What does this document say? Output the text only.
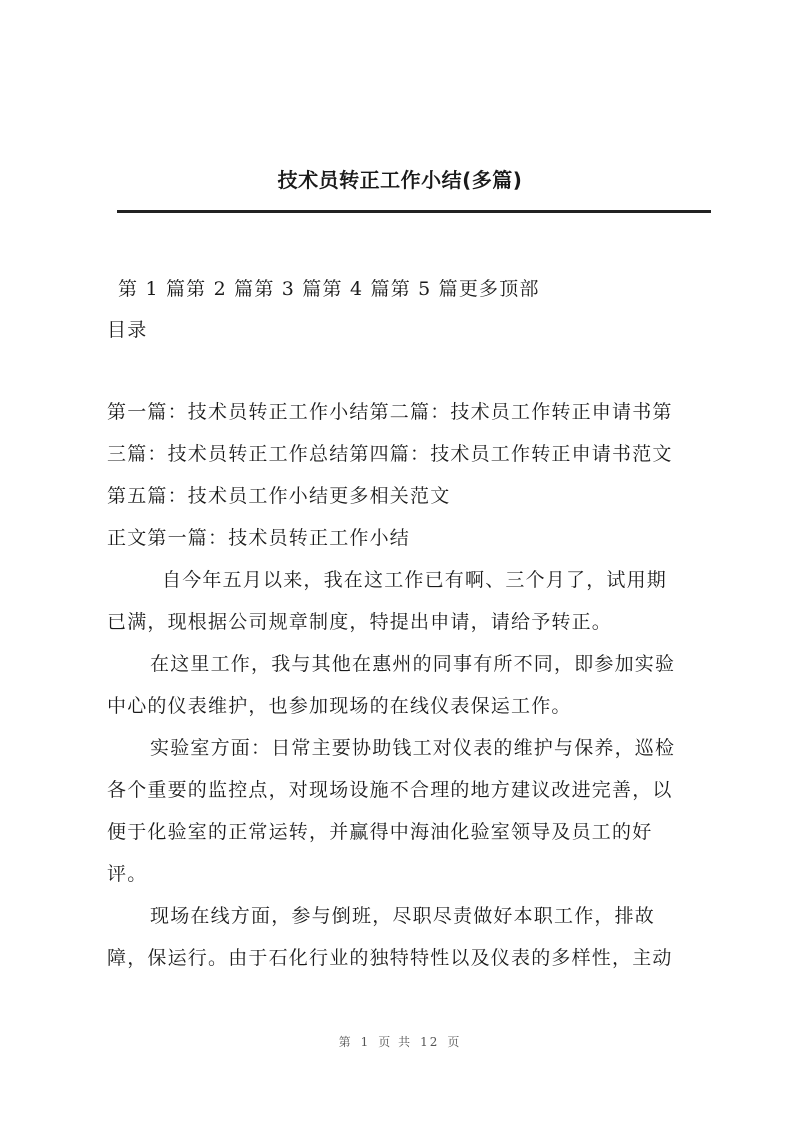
技术员转正工作小结(多篇)
第 1 篇第 2 篇第 3 篇第 4 篇第 5 篇更多顶部
目录
第一篇：技术员转正工作小结第二篇：技术员工作转正申请书第
三篇：技术员转正工作总结第四篇：技术员工作转正申请书范文
第五篇：技术员工作小结更多相关范文
正文第一篇：技术员转正工作小结
自今年五月以来，我在这工作已有啊、三个月了，试用期
已满，现根据公司规章制度，特提出申请，请给予转正。
在这里工作，我与其他在惠州的同事有所不同，即参加实验
中心的仪表维护，也参加现场的在线仪表保运工作。
实验室方面：日常主要协助钱工对仪表的维护与保养，巡检
各个重要的监控点，对现场设施不合理的地方建议改进完善，以
便于化验室的正常运转，并赢得中海油化验室领导及员工的好
评。
现场在线方面，参与倒班，尽职尽责做好本职工作，排故
障，保运行。由于石化行业的独特特性以及仪表的多样性，主动
第 1 页 共 12 页
